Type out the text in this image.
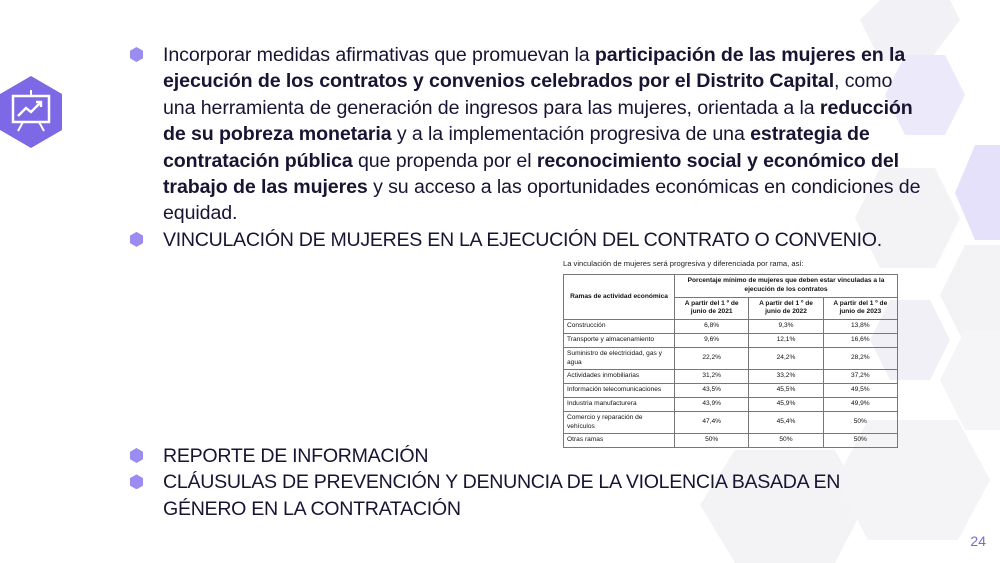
Incorporar medidas afirmativas que promuevan la participación de las mujeres en la ejecución de los contratos y convenios celebrados por el Distrito Capital, como una herramienta de generación de ingresos para las mujeres, orientada a la reducción de su pobreza monetaria y a la implementación progresiva de una estrategia de contratación pública que propenda por el reconocimiento social y económico del trabajo de las mujeres y su acceso a las oportunidades económicas en condiciones de equidad.
VINCULACIÓN DE MUJERES EN LA EJECUCIÓN DEL CONTRATO O CONVENIO.
La vinculación de mujeres será progresiva y diferenciada por rama, así:
Ramas de actividad económica	Porcentaje mínimo de mujeres que deben estar vinculadas a la ejecución de los contratos		
	A partir del 1 º de junio de 2021	A partir del 1 º de junio de 2022	A partir del 1 º de junio de 2023
Construcción	6,8%	9,3%	13,8%
Transporte y almacenamiento	9,6%	12,1%	16,6%
Suministro de electricidad, gas y agua	22,2%	24,2%	28,2%
Actividades inmobiliarias	31,2%	33,2%	37,2%
Información telecomunicaciones	43,5%	45,5%	49,5%
Industria manufacturera	43,9%	45,9%	49,9%
Comercio y reparación de vehículos	47,4%	45,4%	50%
Otras ramas	50%	50%	50%
REPORTE DE INFORMACIÓN
CLÁUSULAS DE PREVENCIÓN Y DENUNCIA DE LA VIOLENCIA BASADA EN GÉNERO EN LA CONTRATACIÓN
24
